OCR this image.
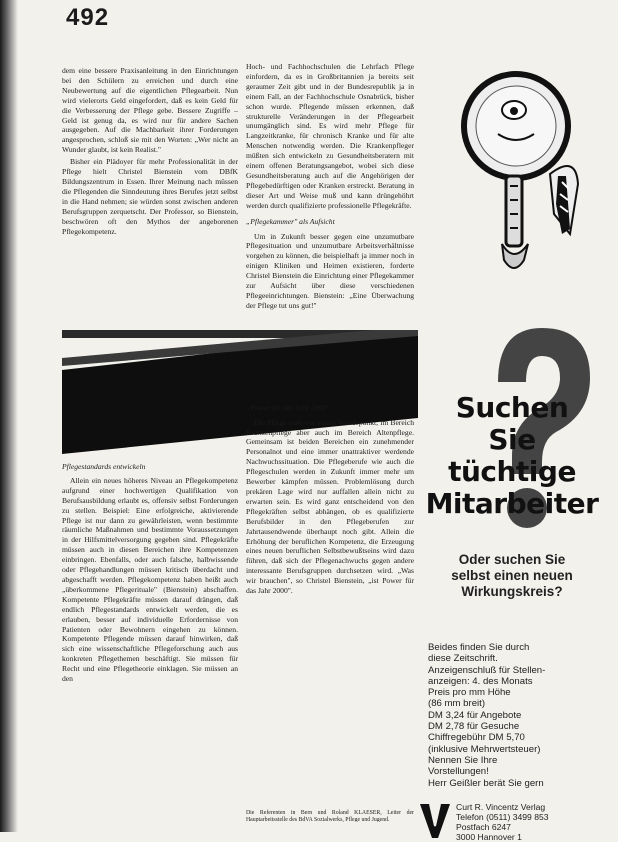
492

dem eine bessere Praxisanleitung in den Einrichtungen bei den Schülern zu erreichen und durch eine Neubewertung auf die eigentlichen Pflegearbeit. Nun wird vielerorts Geld eingefordert, daß es kein Geld für die Verbesserung der Pflege gebe. Bessere Zugriffe – Geld ist genug da, es wird nur für andere Sachen ausgegeben. Auf die Machbarkeit ihrer Forderungen angesprochen, schloß sie mit den Worten: „Wer nicht an Wunder glaubt, ist kein Realist."

Bisher ein Plädoyer für mehr Professionalität in der Pflege hielt Christel Bienstein vom DBfK Bildungszentrum in Essen. Ihrer Meinung nach müssen die Pflegenden die Sinndeutung ihres Berufes jetzt selbst in die Hand nehmen; sie würden sonst zwischen anderen Berufsgruppen zerquetscht. Der Professor, so Bienstein, beschwören oft den Mythos der angeborenen Pflegekompetenz.

Pflegestandards entwickeln

Allein ein neues höheres Niveau an Pflegekompetenz aufgrund einer hochwertigen Qualifikation von Berufsausbildung erlaubt es, offensiv selbst Forderungen zu stellen. Beispiel: Eine erfolgreiche, aktivierende Pflege ist nur dann zu gewährleisten, wenn bestimmte räumliche Maßnahmen und bestimmte Voraussetzungen in der Hilfsmittelversorgung gegeben sind. Pflegekräfte müssen auch in diesen Bereichen ihre Kompetenzen einbringen. Ebenfalls, oder auch falsche, halbwissende oder Pflegehandlungen müssen kritisch überdacht und abgeschafft werden. Pflegekompetenz haben heißt auch „überkommene Pflegerituale" (Bienstein) abschaffen. Kompetente Pflegekräfte müssen darauf drängen, daß endlich Pflegestandards entwickelt werden, die es erlauben, besser auf individuelle Erfordernisse von Patienten oder Bewohnern eingehen zu können. Kompetente Pflegende müssen darauf hinwirken, daß sich eine wissenschaftliche Pflegeforschung auch aus konkreten Pflegethemen beschäftigt. Sie müssen für Recht und eine Pflegetheorie einklagen. Sie müssen an den

Hoch- und Fachhochschulen die Lehrfach Pflege einfordern, da es in Großbritannien ja bereits seit geraumer Zeit gibt und in der Bundesrepublik ja in einem Fall, an der Fachhochschule Osnabrück, bisher schon wurde. Pflegende müssen erkennen, daß strukturelle Veränderungen in der Pflegearbeit unumgänglich sind. Es wird mehr Pflege für Langzeitkranke, für chronisch Kranke und für alte Menschen notwendig werden. Die Krankenpfleger müßten sich entwickeln zu Gesundheitsberatern mit einem offenen Beratungsangebot, wobei sich diese Gesundheitsberatung auch auf die Angehörigen der Pflegebedürftigen oder Kranken erstreckt. Beratung in dieser Art und Weise muß und kann drüngehöhrt werden durch qualifizierte professionelle Pflegekräfte.

„Pflegekammer" als Aufsicht

Um in Zukunft besser gegen eine unzumutbare Pflegesituation und unzumutbare Arbeitsverhältnisse vorgehen zu können, die beispielhaft ja immer noch in einigen Kliniken und Heimen existieren, forderte Christel Bienstein die Einrichtung einer Pflegekammer zur Aufsicht über diese verschiedenen Pflegeeinrichtungen. Bienstein: „Eine Überwachung der Pflege tut uns gut!"

„Power für das Jahr 2000"

Die Pflege steht vor einem Wendepunkt, im Bereich Krankenpflege aber auch im Bereich Altenpflege. Gemeinsam ist beiden Bereichen ein zunehmender Personalnot und eine immer unattraktiver werdende Nachwuchssituation. Die Pflegeberufe wie auch die Pflegeschulen werden in Zukunft immer mehr um Bewerber kämpfen müssen. Problemlösung durch prekären Lage wird nur auffallen allein nicht zu erwarten sein. Es wird ganz entscheidend von den Pflegekräften selbst abhängen, ob es qualifizierte Berufsbilder in den Pflegeberufen zur Jahrtausendwende überhaupt noch gibt. Allein die Erhöhung der beruflichen Kompetenz, die Erzeugung eines neuen beruflichen Selbstbewußtseins wird dazu führen, daß sich der Pflegenachwuchs gegen andere interessante Berufsgruppen durchsetzen wird. „Was wir brauchen", so Christel Bienstein, „ist Power für das Jahr 2000".

Die Referenten in Bern und Roland KLAESER, Leiter der Hauptarbeitsstelle des BdVA Sozialwerks, Pflege und Jugend.
Suchen
Sie
tüchtige
Mitarbeiter
Oder suchen Sie
selbst einen neuen
Wirkungskreis?
Beides finden Sie durch
diese Zeitschrift.
Anzeigenschluß für Stellen-
anzeigen: 4. des Monats
Preis pro mm Höhe
(86 mm breit)
DM 3,24 für Angebote
DM 2,78 für Gesuche
Chiffregebühr DM 5,70
(inklusive Mehrwertsteuer)
Nennen Sie Ihre
Vorstellungen!
Herr Geißler berät Sie gern
Curt R. Vincentz Verlag
Telefon (0511) 3499 853
Postfach 6247
3000 Hannover 1
